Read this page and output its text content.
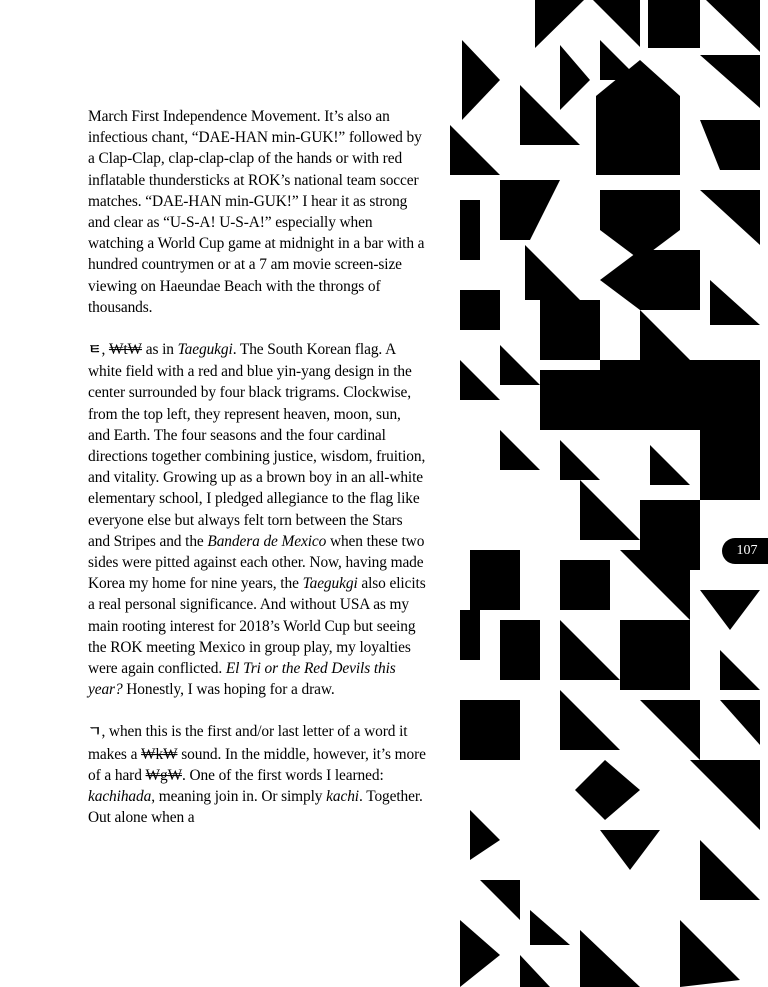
March First Independence Movement. It’s also an infectious chant, “DAE-HAN min-GUK!” followed by a Clap-Clap, clap-clap-clap of the hands or with red inflatable thundersticks at ROK’s national team soccer matches. “DAE-HAN min-GUK!” I hear it as strong and clear as “U-S-A! U-S-A!” especially when watching a World Cup game at midnight in a bar with a hundred countrymen or at a 7 am movie screen-size viewing on Haeundae Beach with the throngs of thousands.

ㅌ, ₩t₩ as in Taegukgi. The South Korean flag. A white field with a red and blue yin-yang design in the center surrounded by four black trigrams. Clockwise, from the top left, they represent heaven, moon, sun, and Earth. The four seasons and the four cardinal directions together combining justice, wisdom, fruition, and vitality. Growing up as a brown boy in an all-white elementary school, I pledged allegiance to the flag like everyone else but always felt torn between the Stars and Stripes and the Bandera de Mexico when these two sides were pitted against each other. Now, having made Korea my home for nine years, the Taegukgi also elicits a real personal significance. And without USA as my main rooting interest for 2018’s World Cup but seeing the ROK meeting Mexico in group play, my loyalties were again conflicted. El Tri or the Red Devils this year? Honestly, I was hoping for a draw.

ㄱ, when this is the first and/or last letter of a word it makes a ₩k₩ sound. In the middle, however, it’s more of a hard ₩g₩. One of the first words I learned: kachihada, meaning join in. Or simply kachi. Together. Out alone when a

107
